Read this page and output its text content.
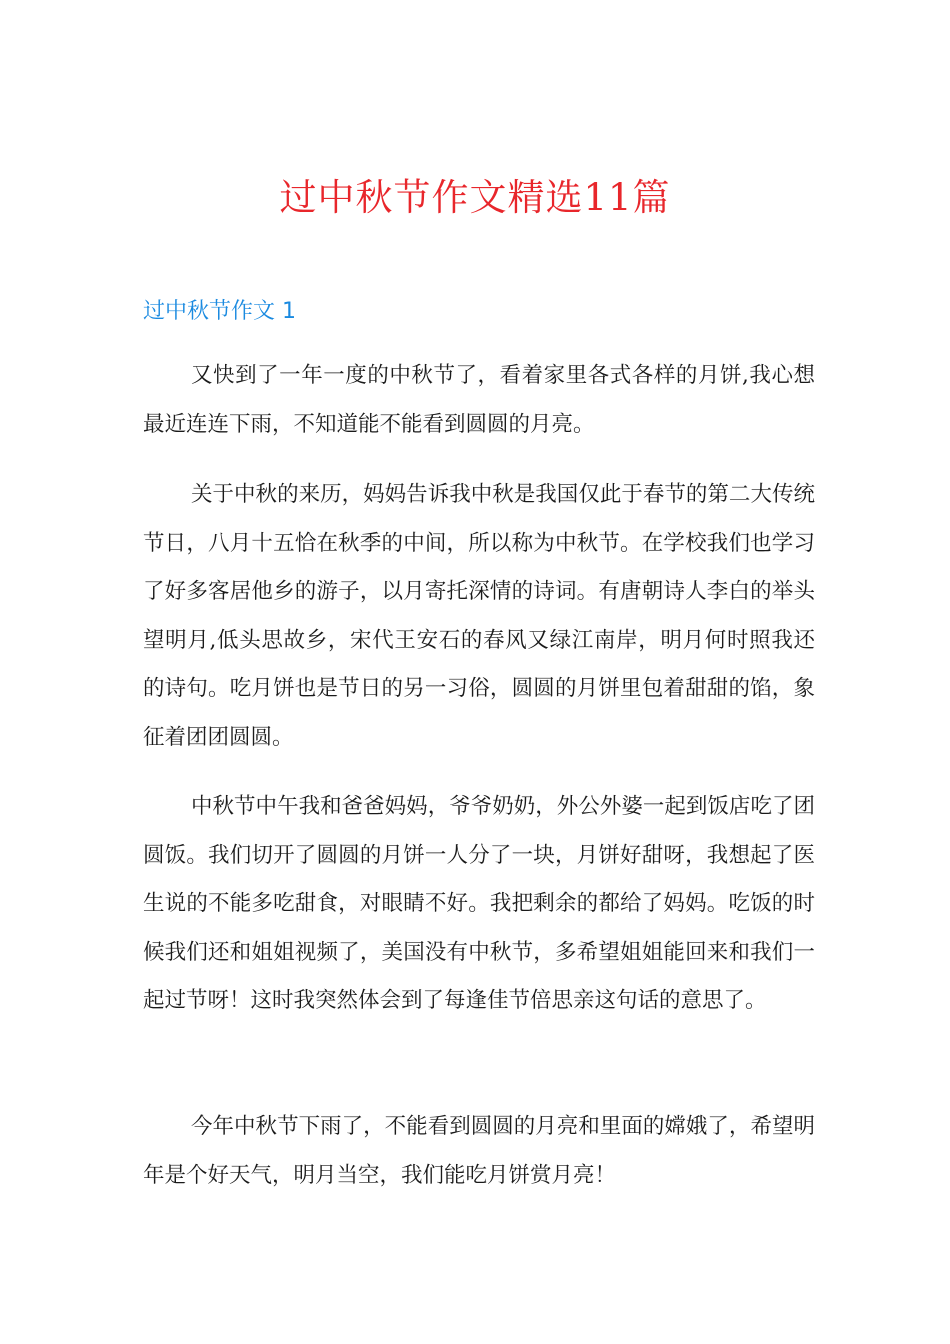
过中秋节作文精选11篇
过中秋节作文 1

又快到了一年一度的中秋节了，看着家里各式各样的月饼,我心想最近连连下雨，不知道能不能看到圆圆的月亮。

关于中秋的来历，妈妈告诉我中秋是我国仅此于春节的第二大传统节日，八月十五恰在秋季的中间，所以称为中秋节。在学校我们也学习了好多客居他乡的游子，以月寄托深情的诗词。有唐朝诗人李白的举头望明月,低头思故乡，宋代王安石的春风又绿江南岸，明月何时照我还的诗句。吃月饼也是节日的另一习俗，圆圆的月饼里包着甜甜的馅，象征着团团圆圆。

中秋节中午我和爸爸妈妈，爷爷奶奶，外公外婆一起到饭店吃了团圆饭。我们切开了圆圆的月饼一人分了一块，月饼好甜呀，我想起了医生说的不能多吃甜食，对眼睛不好。我把剩余的都给了妈妈。吃饭的时候我们还和姐姐视频了，美国没有中秋节，多希望姐姐能回来和我们一起过节呀！这时我突然体会到了每逢佳节倍思亲这句话的意思了。

今年中秋节下雨了，不能看到圆圆的月亮和里面的嫦娥了，希望明年是个好天气，明月当空，我们能吃月饼赏月亮！
